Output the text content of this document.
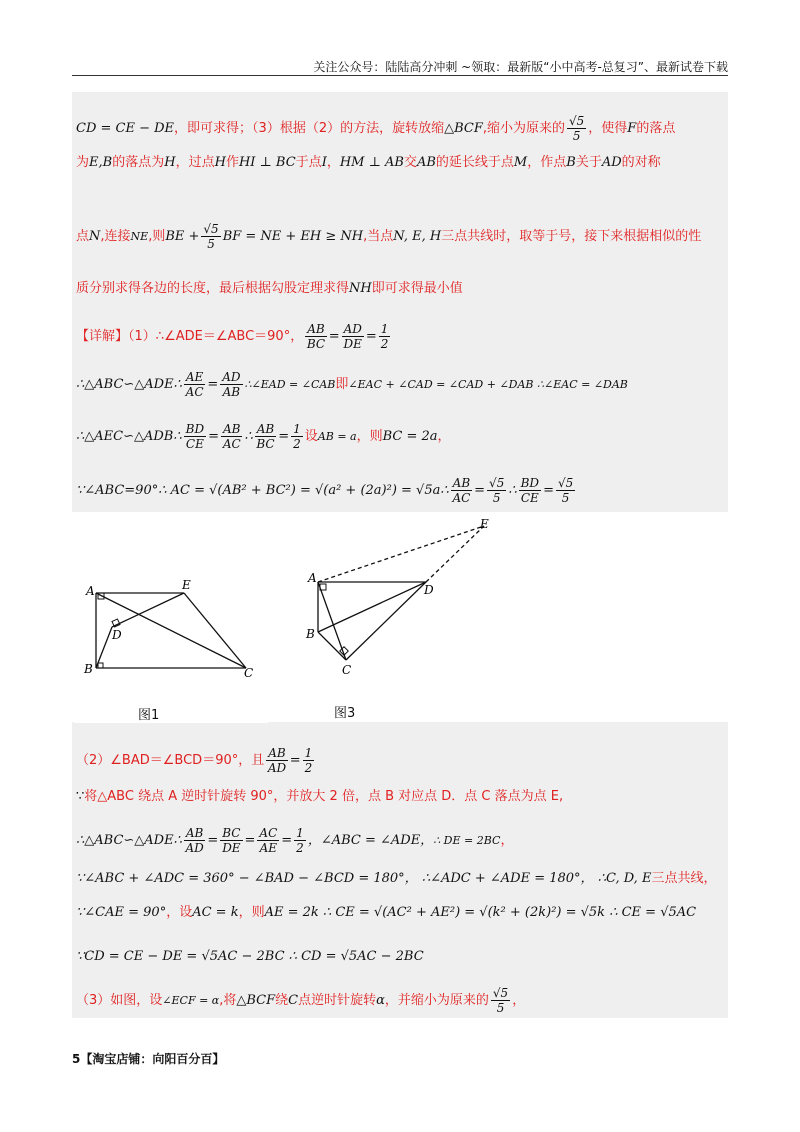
关注公众号：陆陆高分冲刺 ~领取：最新版“小中高考-总复习”、最新试卷下载
CD = CE − DE，即可求得；（3）根据（2）的方法，旋转放缩△BCF,缩小为原来的 $\frac{√5}{5}$ ，使得F的落点
为E,B的落点为H，过点H作HI ⊥ BC于点I，HM ⊥ AB交AB的延长线于点M，作点B关于AD的对称
点N,连接NE,则BE + $\frac{√5}{5}$ BF = NE + EH ≥ NH,当点N, E, H三点共线时，取等于号，接下来根据相似的性
质分别求得各边的长度，最后根据勾股定理求得NH即可求得最小值
【详解】（1）∴∠ADE＝∠ABC＝90°， $\frac{AB}{BC} = \frac{AD}{DE} = \frac{1}{2}$
∴△ABC∽△ADE∴ $\frac{AE}{AC} = \frac{AD}{AB}$ ∴∠EAD = ∠CAB即∠EAC + ∠CAD = ∠CAD + ∠DAB ∴∠EAC = ∠DAB
∴△AEC∽△ADB∴ $\frac{BD}{CE} = \frac{AB}{AC}$ ∴ $\frac{AB}{BC} = \frac{1}{2}$ 设AB = a，则BC = 2a，
∵∠ABC=90°∴ AC = √(AB² + BC²) = √(a² + (2a)²) = √5a∴ $\frac{AB}{AC} = \frac{√5}{5}$ ∴ $\frac{BD}{CE} = \frac{√5}{5}$
A	E
D
B	C
图1
A
E
D
B
C
图3
（2）∠BAD＝∠BCD＝90°，且 $\frac{AB}{AD} = \frac{1}{2}$
∵将△ABC 绕点 A 逆时针旋转 90°，并放大 2 倍，点 B 对应点 D．点 C 落点为点 E,
∴△ABC∽△ADE∴ $\frac{AB}{AD} = \frac{BC}{DE} = \frac{AC}{AE} = \frac{1}{2}$ ，∠ABC = ∠ADE，∴ DE = 2BC，
∵∠ABC + ∠ADC = 360° − ∠BAD − ∠BCD = 180°， ∴∠ADC + ∠ADE = 180°， ∴C, D, E三点共线，
∵∠CAE = 90°，设AC = k，则AE = 2k ∴ CE = √(AC² + AE²) = √(k² + (2k)²) = √5k ∴ CE = √5AC
∵CD = CE − DE = √5AC − 2BC ∴ CD = √5AC − 2BC
（3）如图，设∠ECF = α,将△BCF绕C点逆时针旋转α，并缩小为原来的 $\frac{√5}{5}$ ，
5【淘宝店铺：向阳百分百】
